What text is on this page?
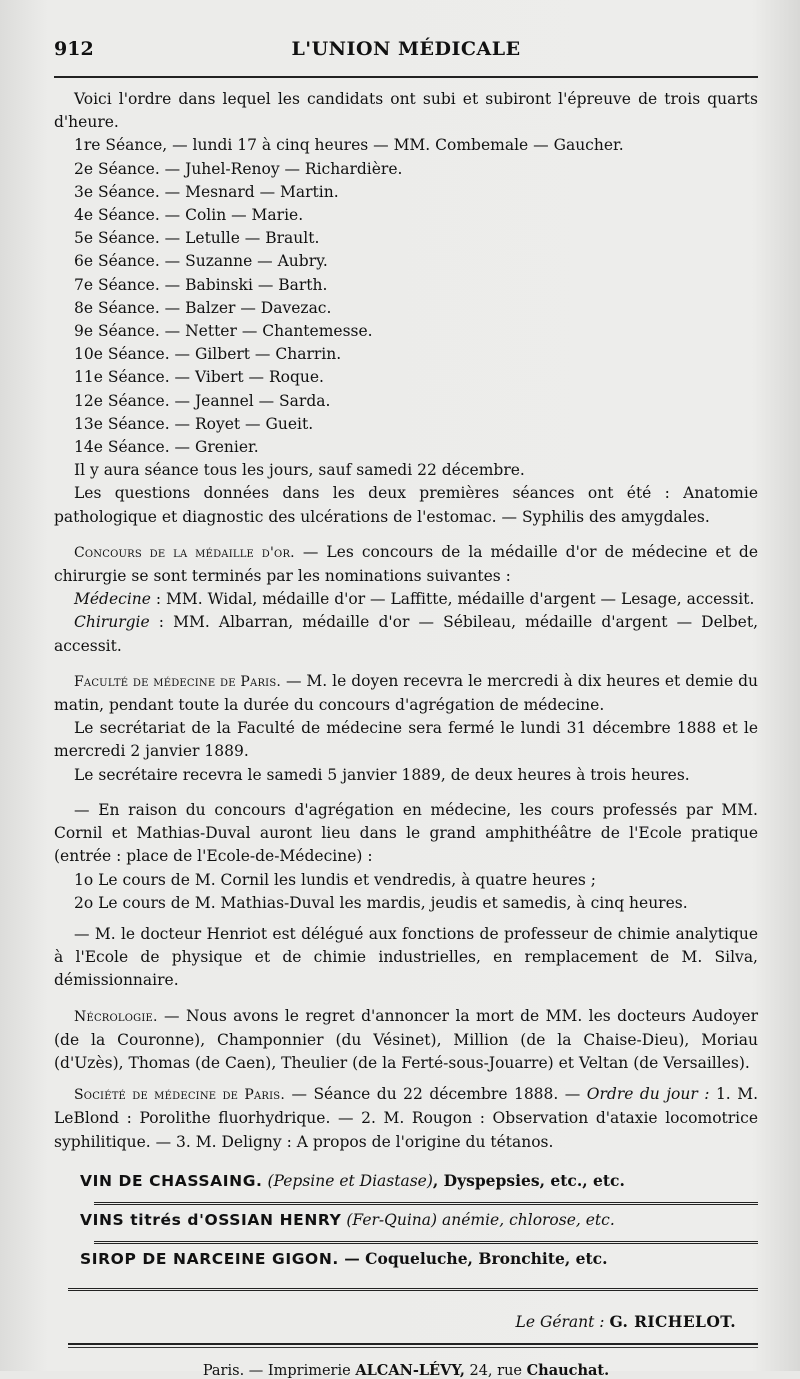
912	L'UNION MÉDICALE

Voici l'ordre dans lequel les candidats ont subi et subiront l'épreuve de trois quarts d'heure.

1re Séance, — lundi 17 à cinq heures — MM. Combemale — Gaucher.
2e Séance. — Juhel-Renoy — Richardière.
3e Séance. — Mesnard — Martin.
4e Séance. — Colin — Marie.
5e Séance. — Letulle — Brault.
6e Séance. — Suzanne — Aubry.
7e Séance. — Babinski — Barth.
8e Séance. — Balzer — Davezac.
9e Séance. — Netter — Chantemesse.
10e Séance. — Gilbert — Charrin.
11e Séance. — Vibert — Roque.
12e Séance. — Jeannel — Sarda.
13e Séance. — Royet — Gueit.
14e Séance. — Grenier.

Il y aura séance tous les jours, sauf samedi 22 décembre.

Les questions données dans les deux premières séances ont été : Anatomie pathologique et diagnostic des ulcérations de l'estomac. — Syphilis des amygdales.

Concours de la médaille d'or. — Les concours de la médaille d'or de médecine et de chirurgie se sont terminés par les nominations suivantes :

Médecine : MM. Widal, médaille d'or — Laffitte, médaille d'argent — Lesage, accessit.

Chirurgie : MM. Albarran, médaille d'or — Sébileau, médaille d'argent — Delbet, accessit.

Faculté de médecine de Paris. — M. le doyen recevra le mercredi à dix heures et demie du matin, pendant toute la durée du concours d'agrégation de médecine.

Le secrétariat de la Faculté de médecine sera fermé le lundi 31 décembre 1888 et le mercredi 2 janvier 1889.

Le secrétaire recevra le samedi 5 janvier 1889, de deux heures à trois heures.

— En raison du concours d'agrégation en médecine, les cours professés par MM. Cornil et Mathias-Duval auront lieu dans le grand amphithéâtre de l'Ecole pratique (entrée : place de l'Ecole-de-Médecine) :

1o Le cours de M. Cornil les lundis et vendredis, à quatre heures ;

2o Le cours de M. Mathias-Duval les mardis, jeudis et samedis, à cinq heures.

— M. le docteur Henriot est délégué aux fonctions de professeur de chimie analytique à l'Ecole de physique et de chimie industrielles, en remplacement de M. Silva, démissionnaire.

Nécrologie. — Nous avons le regret d'annoncer la mort de MM. les docteurs Audoyer (de la Couronne), Champonnier (du Vésinet), Million (de la Chaise-Dieu), Moriau (d'Uzès), Thomas (de Caen), Theulier (de la Ferté-sous-Jouarre) et Veltan (de Versailles).

Société de médecine de Paris. — Séance du 22 décembre 1888. — Ordre du jour : 1. M. LeBlond : Porolithe fluorhydrique. — 2. M. Rougon : Observation d'ataxie locomotrice syphilitique. — 3. M. Deligny : A propos de l'origine du tétanos.

VIN DE CHASSAING. (Pepsine et Diastase), Dyspepsies, etc., etc.
VINS titrés d'OSSIAN HENRY (Fer-Quina) anémie, chlorose, etc.
SIROP DE NARCEINE GIGON. — Coqueluche, Bronchite, etc.
Le Gérant : G. RICHELOT.
Paris. — Imprimerie ALCAN-LÉVY, 24, rue Chauchat.
